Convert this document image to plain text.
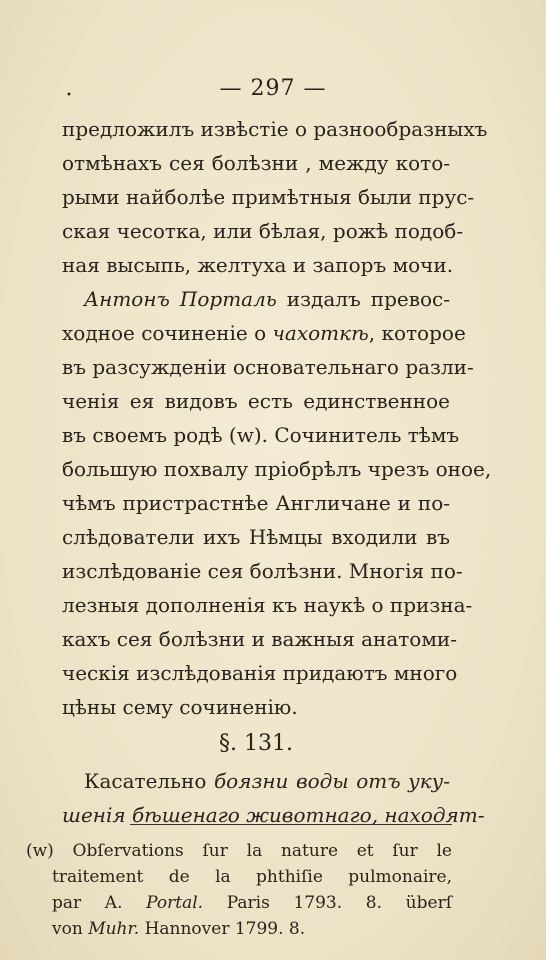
— 297 —
•
предложилъ извѣстіе о разнообразныхъ
отмѣнахъ сея болѣзни , между кото-
рыми найболѣе примѣтныя были прус-
ская чесотка, или бѣлая, рожѣ подоб-
ная высыпь, желтуха и запоръ мочи.
Антонъ Порталь издалъ превос-
ходное сочиненіе о чахоткѣ, которое
въ разсужденіи основательнаго разли-
ченія ея видовъ есть единственное
въ своемъ родѣ (w). Сочинитель тѣмъ
большую похвалу пріобрѣлъ чрезъ оное,
чѣмъ пристрастнѣе Англичане и по-
слѣдователи ихъ Нѣмцы входили въ
изслѣдованіе сея болѣзни. Многія по-
лезныя дополненія къ наукѣ о призна-
кахъ сея болѣзни и важныя анатоми-
ческія изслѣдованія придаютъ много
цѣны сему сочиненію.
§. 131.
Касательно боязни воды отъ уку-
шенія бѣшенаго животнаго, находят-
(w) Obſervations ſur la nature et ſur le
traitement de la phthiſie pulmonaire,
par A. Portal. Paris 1793. 8. überſ
von Muhr. Hannover 1799. 8.
